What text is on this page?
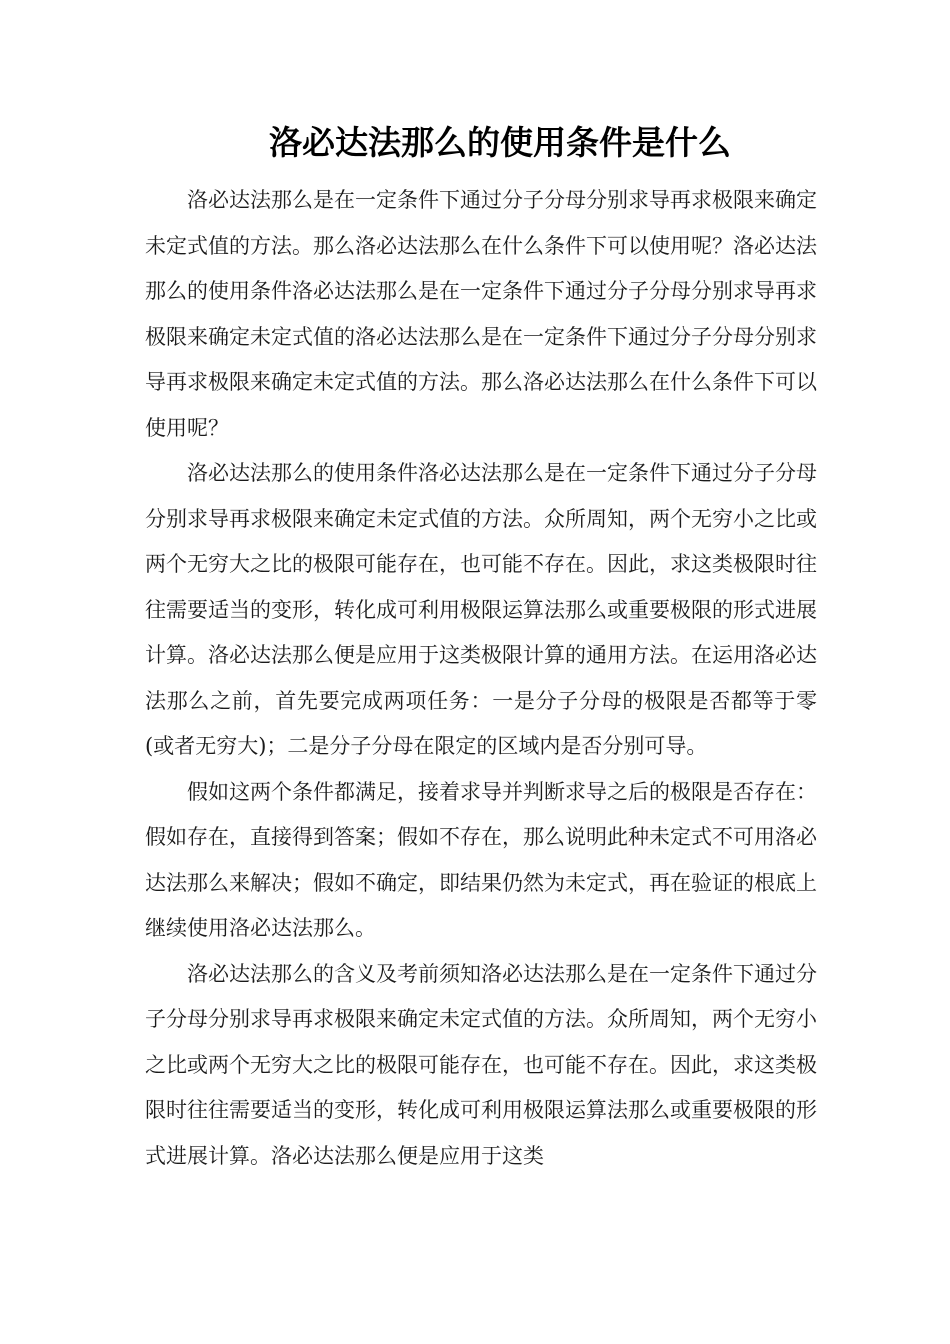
洛必达法那么的使用条件是什么

洛必达法那么是在一定条件下通过分子分母分别求导再求极限来确定未定式值的方法。那么洛必达法那么在什么条件下可以使用呢？洛必达法那么的使用条件洛必达法那么是在一定条件下通过分子分母分别求导再求极限来确定未定式值的洛必达法那么是在一定条件下通过分子分母分别求导再求极限来确定未定式值的方法。那么洛必达法那么在什么条件下可以使用呢？

洛必达法那么的使用条件洛必达法那么是在一定条件下通过分子分母分别求导再求极限来确定未定式值的方法。众所周知，两个无穷小之比或两个无穷大之比的极限可能存在，也可能不存在。因此，求这类极限时往往需要适当的变形，转化成可利用极限运算法那么或重要极限的形式进展计算。洛必达法那么便是应用于这类极限计算的通用方法。在运用洛必达法那么之前，首先要完成两项任务：一是分子分母的极限是否都等于零(或者无穷大)；二是分子分母在限定的区域内是否分别可导。

假如这两个条件都满足，接着求导并判断求导之后的极限是否存在：假如存在，直接得到答案；假如不存在，那么说明此种未定式不可用洛必达法那么来解决；假如不确定，即结果仍然为未定式，再在验证的根底上继续使用洛必达法那么。

洛必达法那么的含义及考前须知洛必达法那么是在一定条件下通过分子分母分别求导再求极限来确定未定式值的方法。众所周知，两个无穷小之比或两个无穷大之比的极限可能存在，也可能不存在。因此，求这类极限时往往需要适当的变形，转化成可利用极限运算法那么或重要极限的形式进展计算。洛必达法那么便是应用于这类
